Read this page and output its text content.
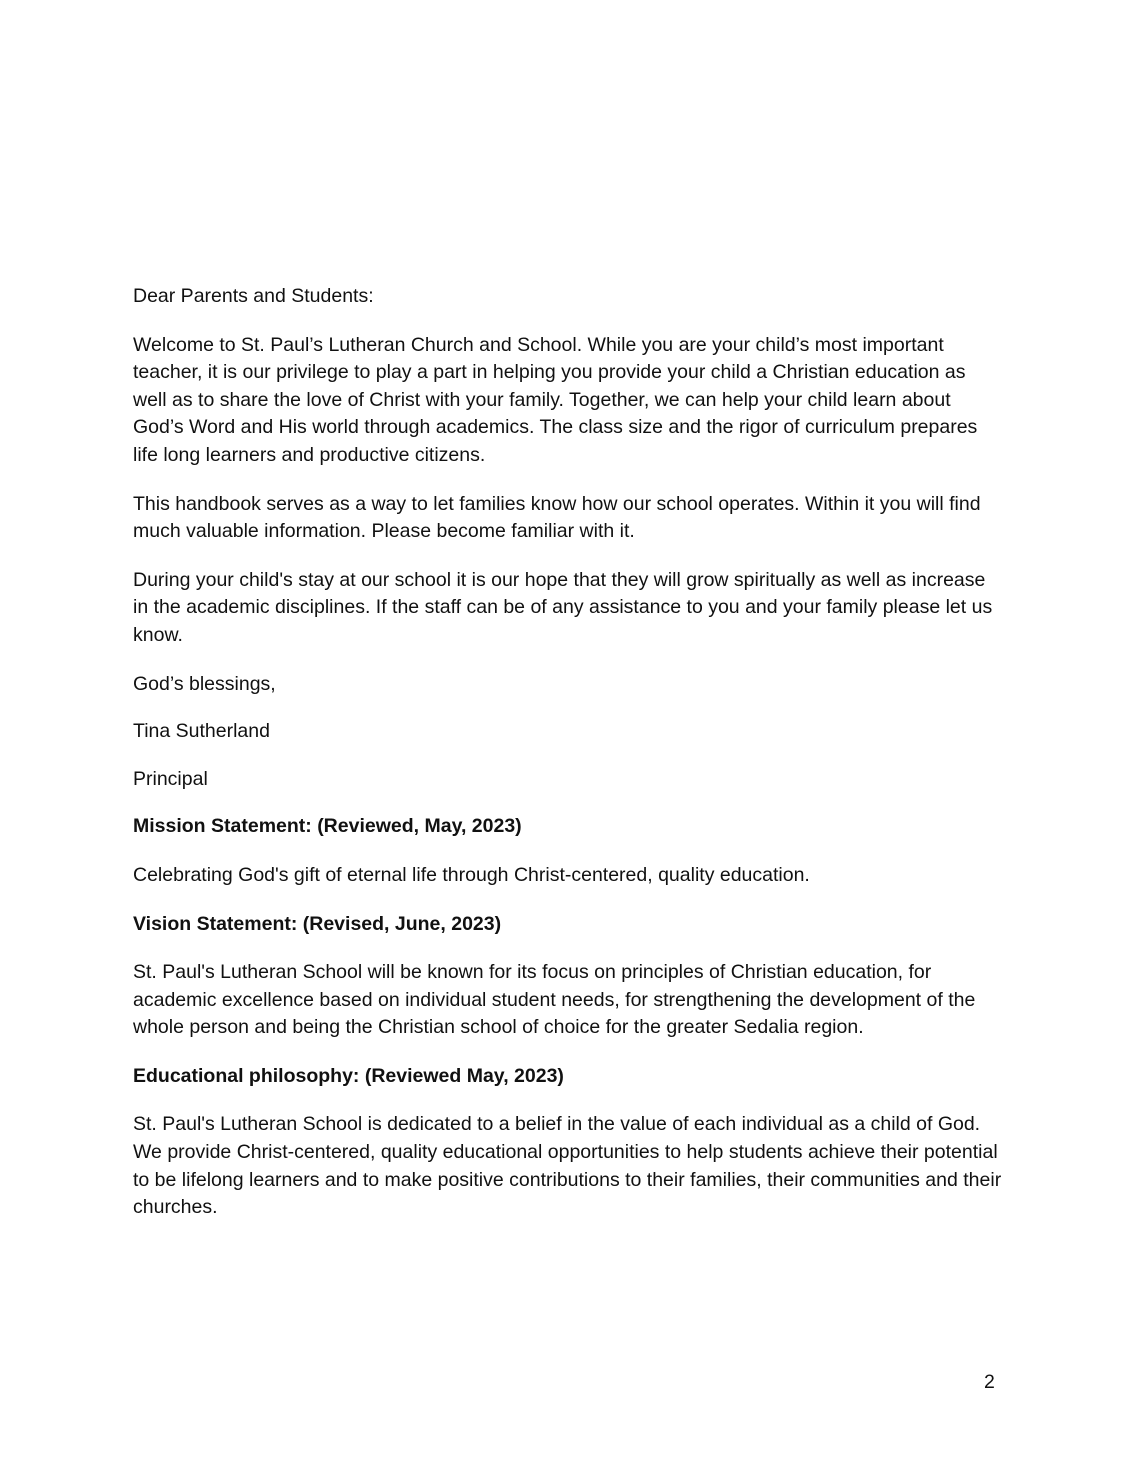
Dear Parents and Students:

Welcome to St. Paul’s Lutheran Church and School. While you are your child’s most important teacher, it is our privilege to play a part in helping you provide your child a Christian education as well as to share the love of Christ with your family. Together, we can help your child learn about God’s Word and His world through academics. The class size and the rigor of curriculum prepares life long learners and productive citizens.

This handbook serves as a way to let families know how our school operates. Within it you will find much valuable information. Please become familiar with it.

During your child's stay at our school it is our hope that they will grow spiritually as well as increase in the academic disciplines. If the staff can be of any assistance to you and your family please let us know.

God’s blessings,

Tina Sutherland

Principal

Mission Statement: (Reviewed, May, 2023)

Celebrating God's gift of eternal life through Christ-centered, quality education.

Vision Statement: (Revised, June, 2023)

St. Paul's Lutheran School will be known for its focus on principles of Christian education, for academic excellence based on individual student needs, for strengthening the development of the whole person and being the Christian school of choice for the greater Sedalia region.

Educational philosophy: (Reviewed May, 2023)

St. Paul's Lutheran School is dedicated to a belief in the value of each individual as a child of God. We provide Christ-centered, quality educational opportunities to help students achieve their potential to be lifelong learners and to make positive contributions to their families, their communities and their churches.

2
